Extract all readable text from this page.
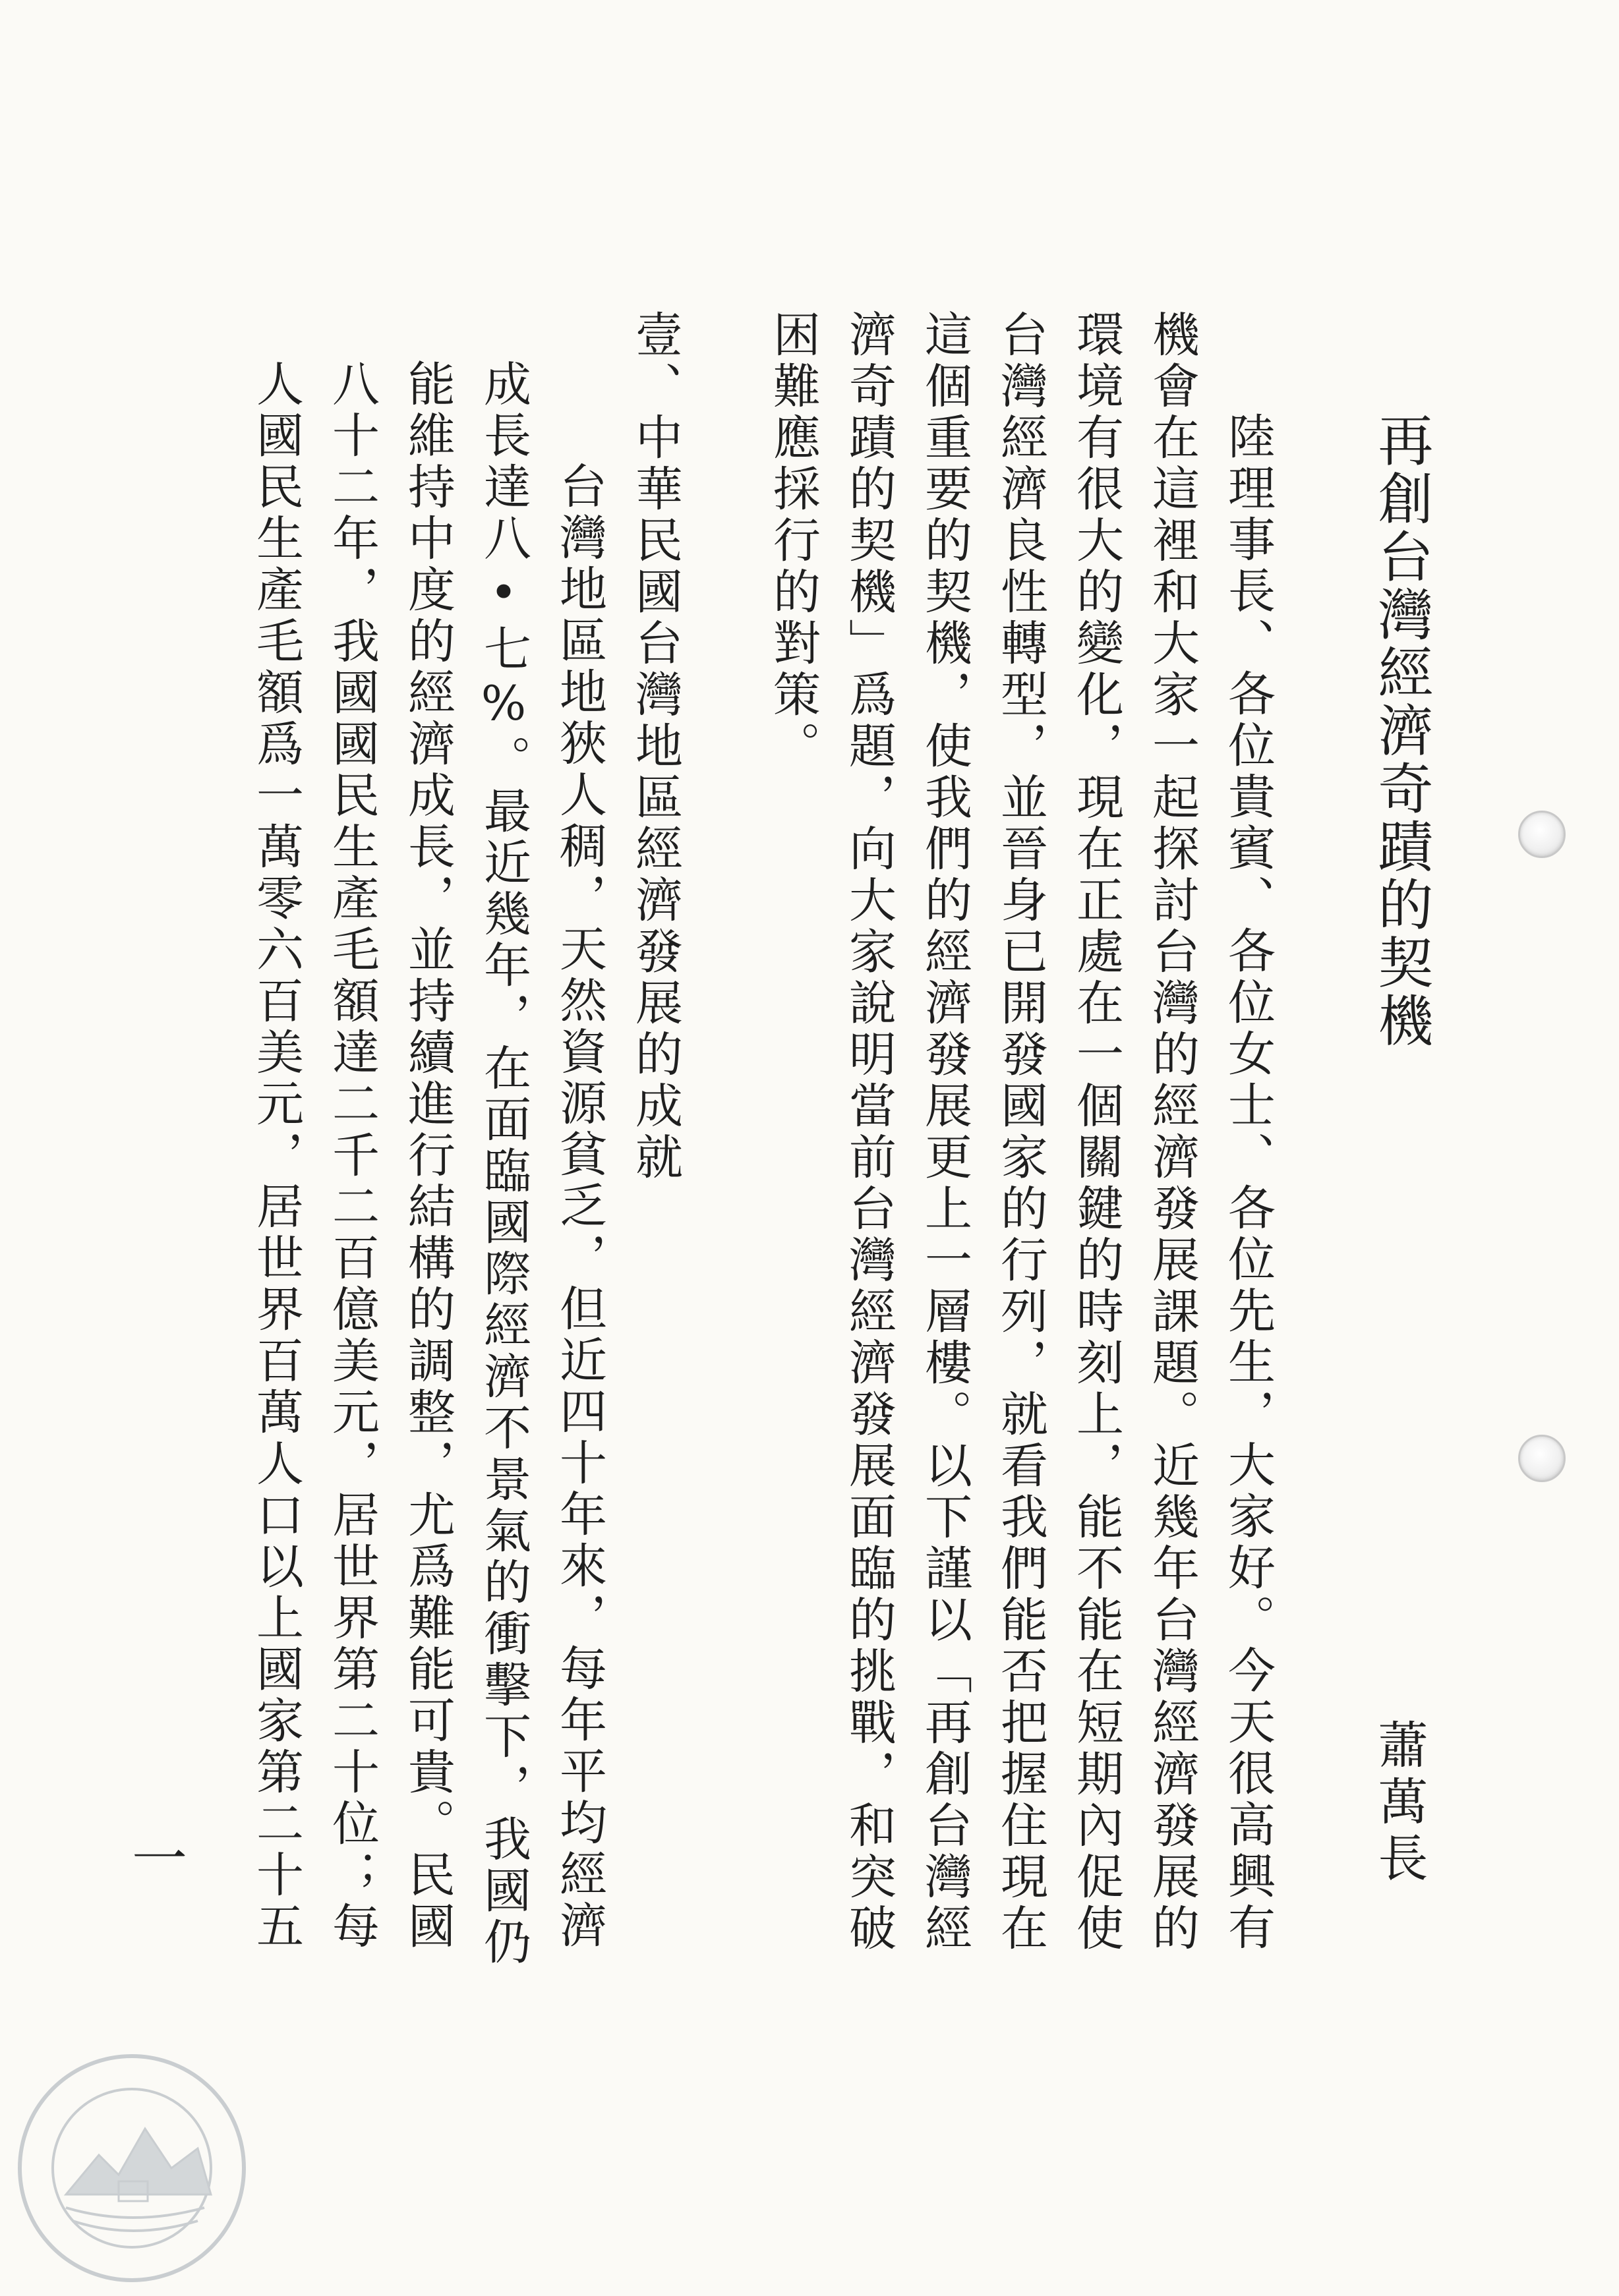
再創台灣經濟奇蹟的契機
蕭萬長
陸理事長、各位貴賓、各位女士、各位先生，大家好。今天很高興有
機會在這裡和大家一起探討台灣的經濟發展課題。近幾年台灣經濟發展的
環境有很大的變化，現在正處在一個關鍵的時刻上，能不能在短期內促使
台灣經濟良性轉型，並晉身已開發國家的行列，就看我們能否把握住現在
這個重要的契機，使我們的經濟發展更上一層樓。以下謹以「再創台灣經
濟奇蹟的契機」爲題，向大家說明當前台灣經濟發展面臨的挑戰，和突破
困難應採行的對策。
壹、中華民國台灣地區經濟發展的成就
台灣地區地狹人稠，天然資源貧乏，但近四十年來，每年平均經濟
成長達八•七%。最近幾年，在面臨國際經濟不景氣的衝擊下，我國仍
能維持中度的經濟成長，並持續進行結構的調整，尤爲難能可貴。民國
八十二年，我國國民生產毛額達二千二百億美元，居世界第二十位；每
人國民生產毛額爲一萬零六百美元，居世界百萬人口以上國家第二十五
一
